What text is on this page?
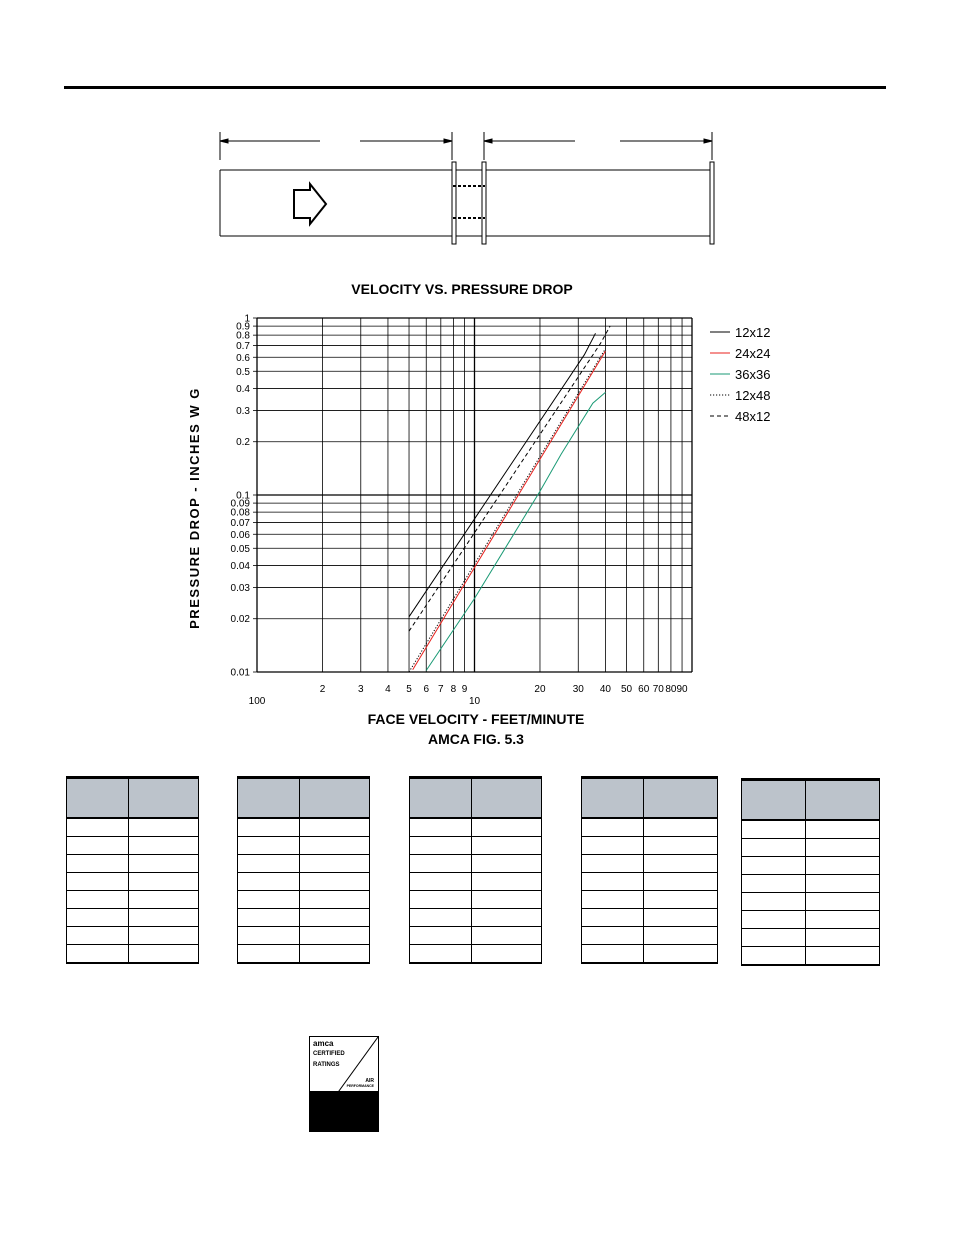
VELOCITY VS. PRESSURE DROP
PRESSURE DROP - INCHES W G
1
0.9
0.8
0.7
0.6
0.5
0.4
0.3
0.2
0.1
0.09
0.08
0.07
0.06
0.05
0.04
0.03
0.02
0.01
100
2	3 4 5 6 7 8 9
10
20	30 40 50 60 70 80 90
12x12
24x24
36x36
12x48
48x12
FACE VELOCITY - FEET/MINUTE
AMCA FIG. 5.3

amca
CERTIFIED
RATINGS
AIR
PERFORMANCE
